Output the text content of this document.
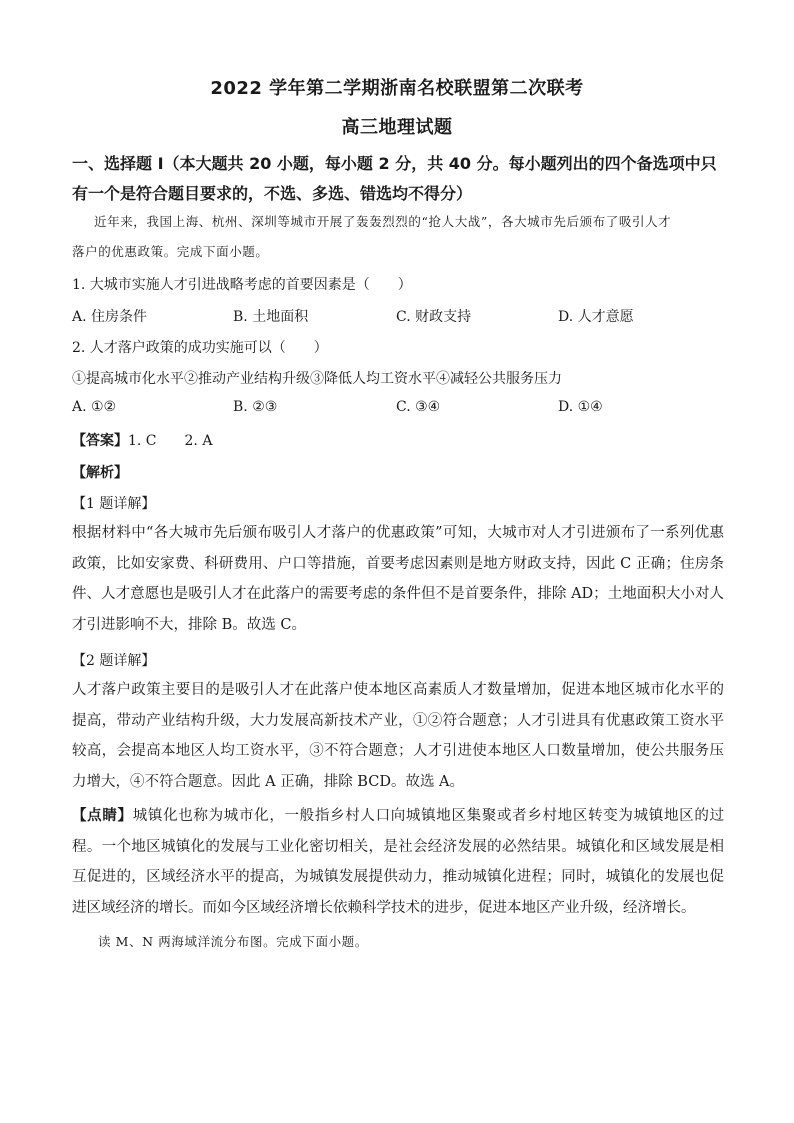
2022 学年第二学期浙南名校联盟第二次联考
高三地理试题
一、选择题 I（本大题共 20 小题，每小题 2 分，共 40 分。每小题列出的四个备选项中只有一个是符合题目要求的，不选、多选、错选均不得分）
近年来，我国上海、杭州、深圳等城市开展了轰轰烈烈的“抢人大战”，各大城市先后颁布了吸引人才
落户的优惠政策。完成下面小题。
1. 大城市实施人才引进战略考虑的首要因素是（　　）
A. 住房条件	B. 土地面积	C. 财政支持	D. 人才意愿
2. 人才落户政策的成功实施可以（　　）
①提高城市化水平②推动产业结构升级③降低人均工资水平④减轻公共服务压力
A. ①②	B. ②③	C. ③④	D. ①④
【答案】1. C　　2. A
【解析】
【1 题详解】
根据材料中“各大城市先后颁布吸引人才落户的优惠政策”可知，大城市对人才引进颁布了一系列优惠政策，比如安家费、科研费用、户口等措施，首要考虑因素则是地方财政支持，因此 C 正确；住房条件、人才意愿也是吸引人才在此落户的需要考虑的条件但不是首要条件，排除 AD；土地面积大小对人才引进影响不大，排除 B。故选 C。
【2 题详解】
人才落户政策主要目的是吸引人才在此落户使本地区高素质人才数量增加，促进本地区城市化水平的提高，带动产业结构升级，大力发展高新技术产业，①②符合题意；人才引进具有优惠政策工资水平较高，会提高本地区人均工资水平，③不符合题意；人才引进使本地区人口数量增加，使公共服务压力增大，④不符合题意。因此 A 正确，排除 BCD。故选 A。
【点睛】城镇化也称为城市化，一般指乡村人口向城镇地区集聚或者乡村地区转变为城镇地区的过程。一个地区城镇化的发展与工业化密切相关，是社会经济发展的必然结果。城镇化和区域发展是相互促进的，区域经济水平的提高，为城镇发展提供动力，推动城镇化进程；同时，城镇化的发展也促进区域经济的增长。而如今区域经济增长依赖科学技术的进步，促进本地区产业升级，经济增长。
读 M、N 两海域洋流分布图。完成下面小题。
